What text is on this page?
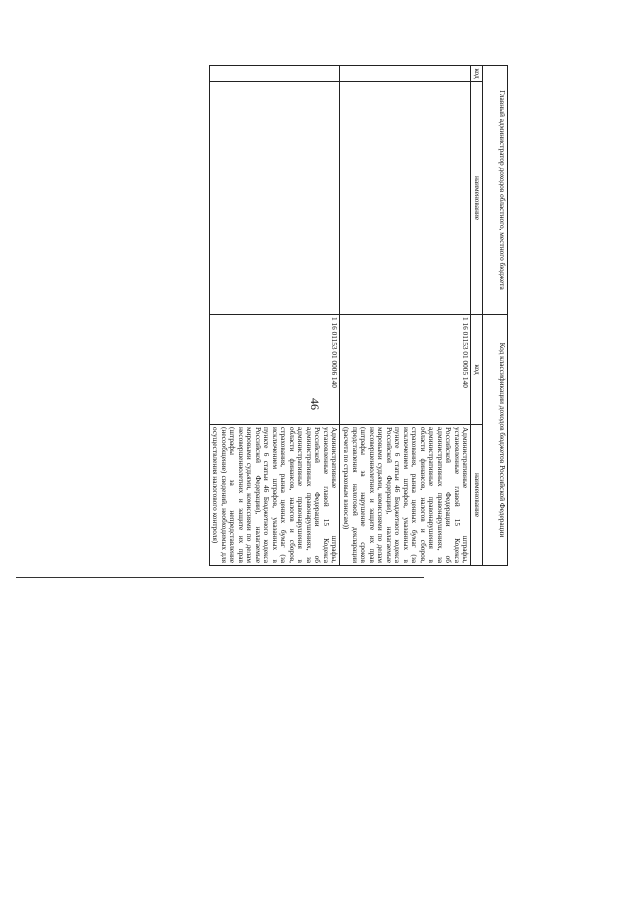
46

Главный администратор доходов областного, местного бюджета		Код классификации доходов бюджетов Российской Федерации	
код	наименование	код	наименование
		1 16 01153 01 0005 140	Административные штрафы, установленные главой 15 Кодекса Российской Федерации об административных правонарушениях, за административные правонарушения в области финансов, налогов и сборов, страхования, рынка ценных бумаг (за исключением штрафов, указанных в пункте 6 статьи 46 Бюджетного кодекса Российской Федерации), налагаемые мировыми судьями, комиссиями по делам несовершеннолетних и защите их прав (штрафы за нарушение сроков представления налоговой декларации (расчета по страховым взносам))
		1 16 01153 01 0006 140	Административные штрафы, установленные главой 15 Кодекса Российской Федерации об административных правонарушениях, за административные правонарушения в области финансов, налогов и сборов, страхования, рынка ценных бумаг (за исключением штрафов, указанных в пункте 6 статьи 46 Бюджетного кодекса Российской Федерации), налагаемые мировыми судьями, комиссиями по делам несовершеннолетних и защите их прав (штрафы за непредставление (несообщение) сведений, необходимых для осуществления налогового контроля)
